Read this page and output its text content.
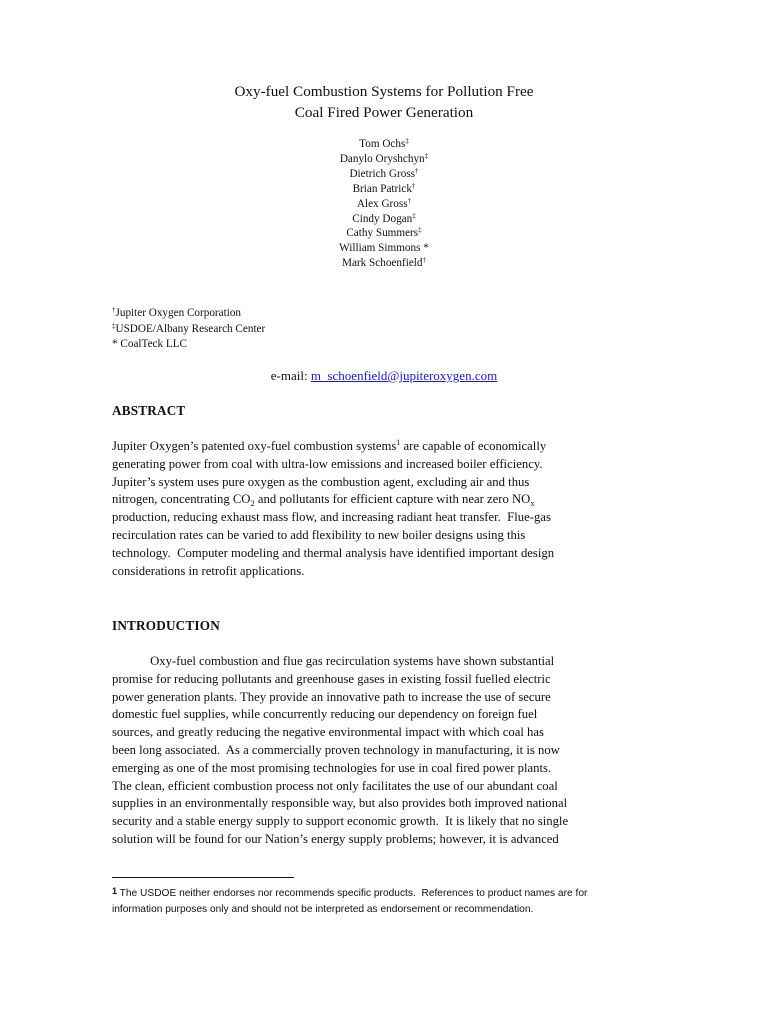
Oxy-fuel Combustion Systems for Pollution Free
Coal Fired Power Generation
Tom Ochs‡
Danylo Oryshchyn‡
Dietrich Gross†
Brian Patrick†
Alex Gross†
Cindy Dogan‡
Cathy Summers‡
William Simmons *
Mark Schoenfield†
†Jupiter Oxygen Corporation
‡USDOE/Albany Research Center
* CoalTeck LLC
e-mail: m_schoenfield@jupiteroxygen.com
ABSTRACT
Jupiter Oxygen’s patented oxy-fuel combustion systems$^1$ are capable of economically
generating power from coal with ultra-low emissions and increased boiler efficiency.
Jupiter’s system uses pure oxygen as the combustion agent, excluding air and thus
nitrogen, concentrating $CO_2$ and pollutants for efficient capture with near zero $NO_x$
production, reducing exhaust mass flow, and increasing radiant heat transfer.  Flue-gas
recirculation rates can be varied to add flexibility to new boiler designs using this
technology.  Computer modeling and thermal analysis have identified important design
considerations in retrofit applications.
INTRODUCTION
Oxy-fuel combustion and flue gas recirculation systems have shown substantial
promise for reducing pollutants and greenhouse gases in existing fossil fuelled electric
power generation plants. They provide an innovative path to increase the use of secure
domestic fuel supplies, while concurrently reducing our dependency on foreign fuel
sources, and greatly reducing the negative environmental impact with which coal has
been long associated.  As a commercially proven technology in manufacturing, it is now
emerging as one of the most promising technologies for use in coal fired power plants.
The clean, efficient combustion process not only facilitates the use of our abundant coal
supplies in an environmentally responsible way, but also provides both improved national
security and a stable energy supply to support economic growth.  It is likely that no single
solution will be found for our Nation’s energy supply problems; however, it is advanced
1 The USDOE neither endorses nor recommends specific products.  References to product names are for
information purposes only and should not be interpreted as endorsement or recommendation.
